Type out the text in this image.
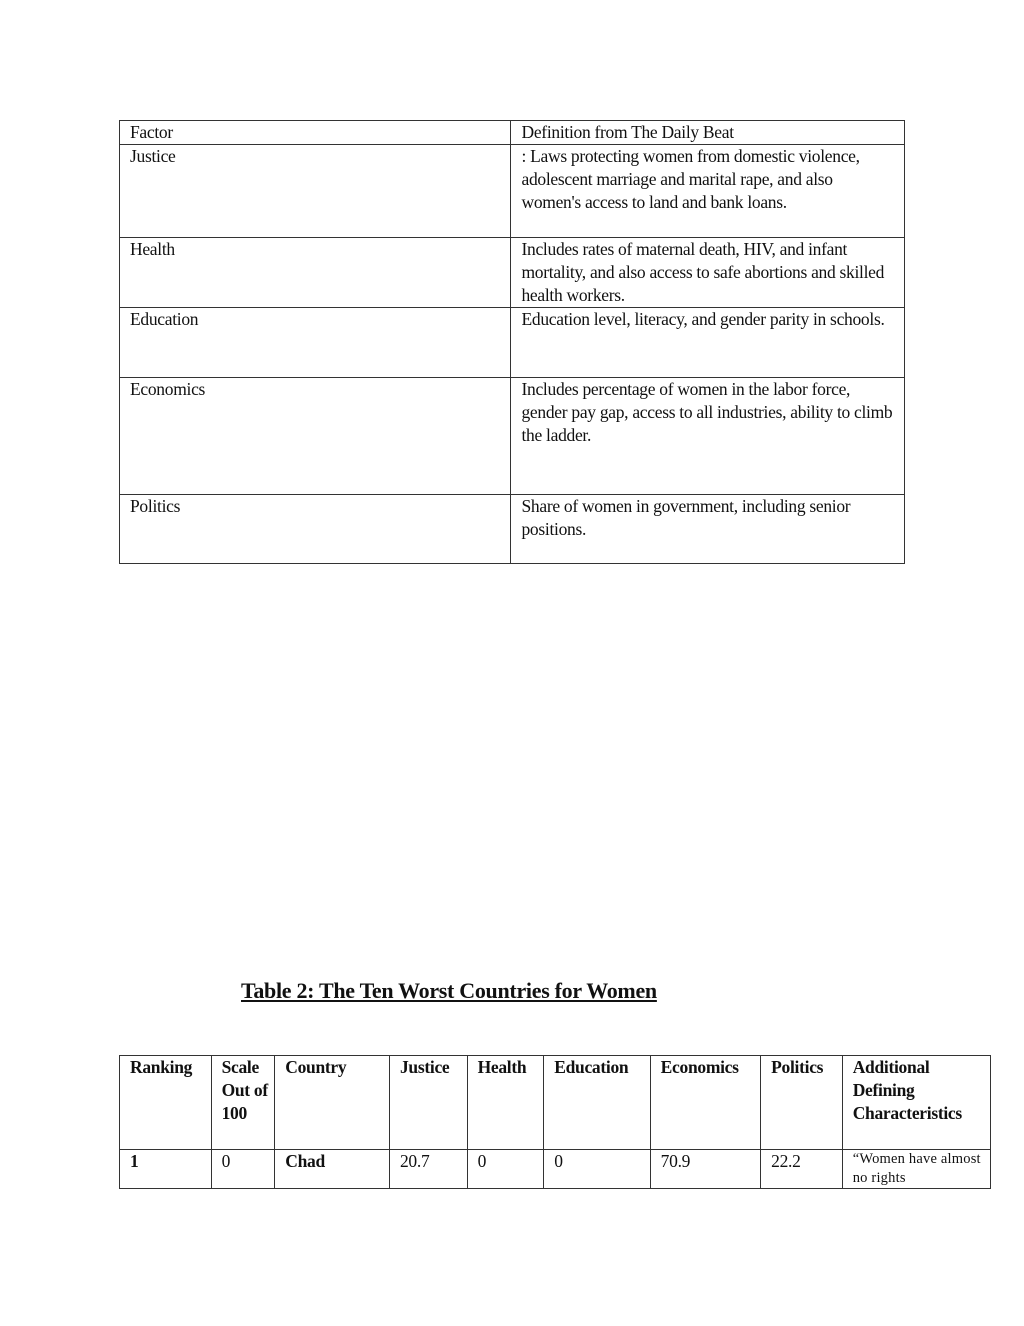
Factor	Definition from The Daily Beat
Justice	: Laws protecting women from domestic violence, adolescent marriage and marital rape, and also women's access to land and bank loans.
Health	Includes rates of maternal death, HIV, and infant mortality, and also access to safe abortions and skilled health workers.
Education	Education level, literacy, and gender parity in schools.
Economics	Includes percentage of women in the labor force, gender pay gap, access to all industries, ability to climb the ladder.
Politics	Share of women in government, including senior positions.
Table 2: The Ten Worst Countries for Women
Ranking	Scale Out of 100	Country	Justice	Health	Education	Economics	Politics	Additional Defining Characteristics
1	0	Chad	20.7	0	0	70.9	22.2	“Women have almost no rights
